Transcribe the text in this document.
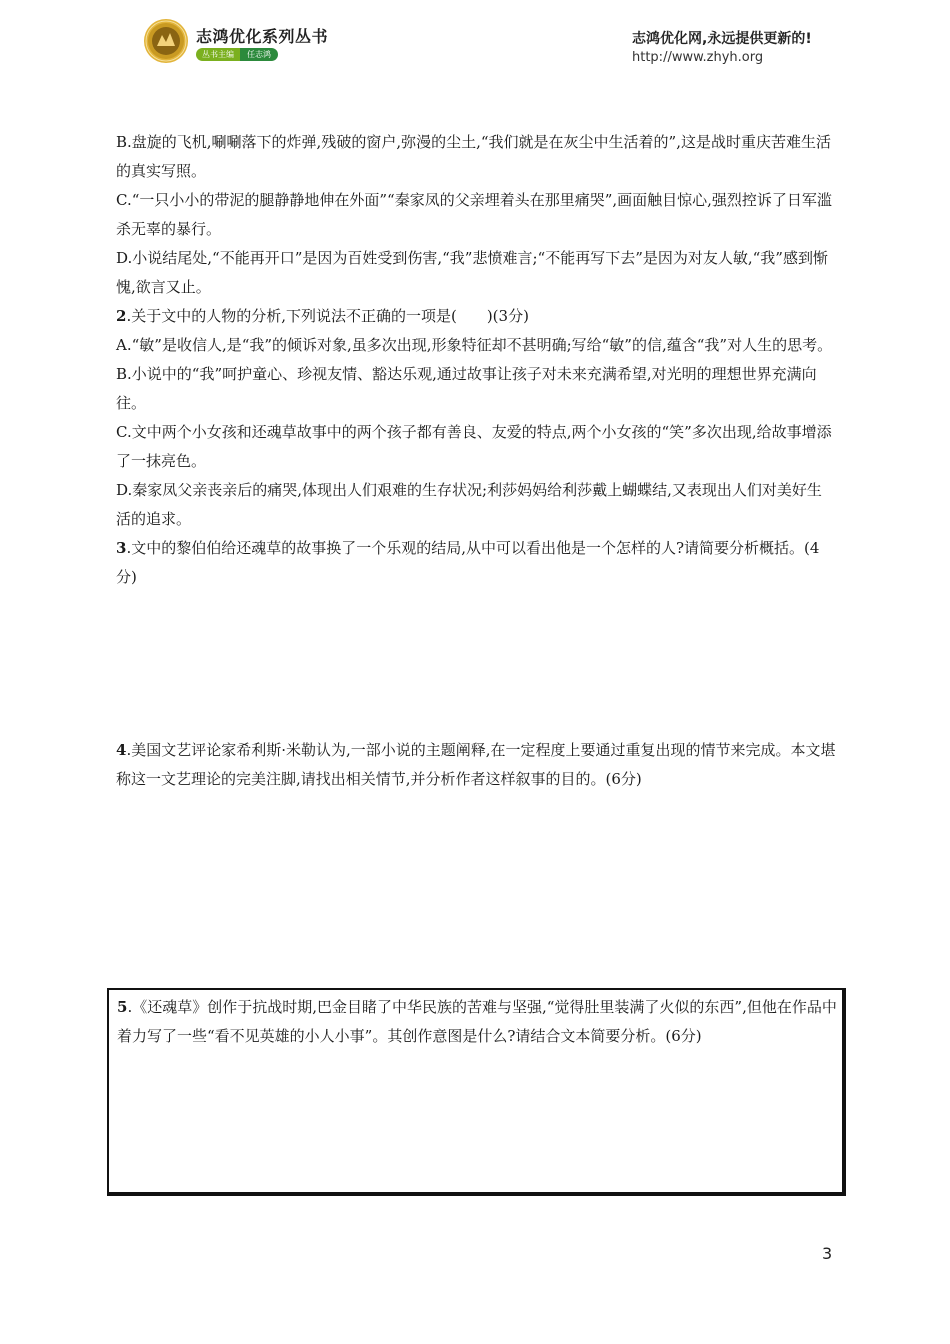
志鸿优化系列丛书
丛书主编	任志鸿
志鸿优化网,永远提供更新的!
http://www.zhyh.org

B.盘旋的飞机,唰唰落下的炸弹,残破的窗户,弥漫的尘土,“我们就是在灰尘中生活着的”,这是战时重庆苦难生活的真实写照。

C.“一只小小的带泥的腿静静地伸在外面”“秦家凤的父亲埋着头在那里痛哭”,画面触目惊心,强烈控诉了日军滥杀无辜的暴行。

D.小说结尾处,“不能再开口”是因为百姓受到伤害,“我”悲愤难言;“不能再写下去”是因为对友人敏,“我”感到惭愧,欲言又止。

2.关于文中的人物的分析,下列说法不正确的一项是(　　)(3分)

A.“敏”是收信人,是“我”的倾诉对象,虽多次出现,形象特征却不甚明确;写给“敏”的信,蕴含“我”对人生的思考。

B.小说中的“我”呵护童心、珍视友情、豁达乐观,通过故事让孩子对未来充满希望,对光明的理想世界充满向往。

C.文中两个小女孩和还魂草故事中的两个孩子都有善良、友爱的特点,两个小女孩的“笑”多次出现,给故事增添了一抹亮色。

D.秦家凤父亲丧亲后的痛哭,体现出人们艰难的生存状况;利莎妈妈给利莎戴上蝴蝶结,又表现出人们对美好生活的追求。

3.文中的黎伯伯给还魂草的故事换了一个乐观的结局,从中可以看出他是一个怎样的人?请简要分析概括。(4分)

4.美国文艺评论家希利斯·米勒认为,一部小说的主题阐释,在一定程度上要通过重复出现的情节来完成。本文堪称这一文艺理论的完美注脚,请找出相关情节,并分析作者这样叙事的目的。(6分)

5.《还魂草》创作于抗战时期,巴金目睹了中华民族的苦难与坚强,“觉得肚里装满了火似的东西”,但他在作品中着力写了一些“看不见英雄的小人小事”。其创作意图是什么?请结合文本简要分析。(6分)
3
